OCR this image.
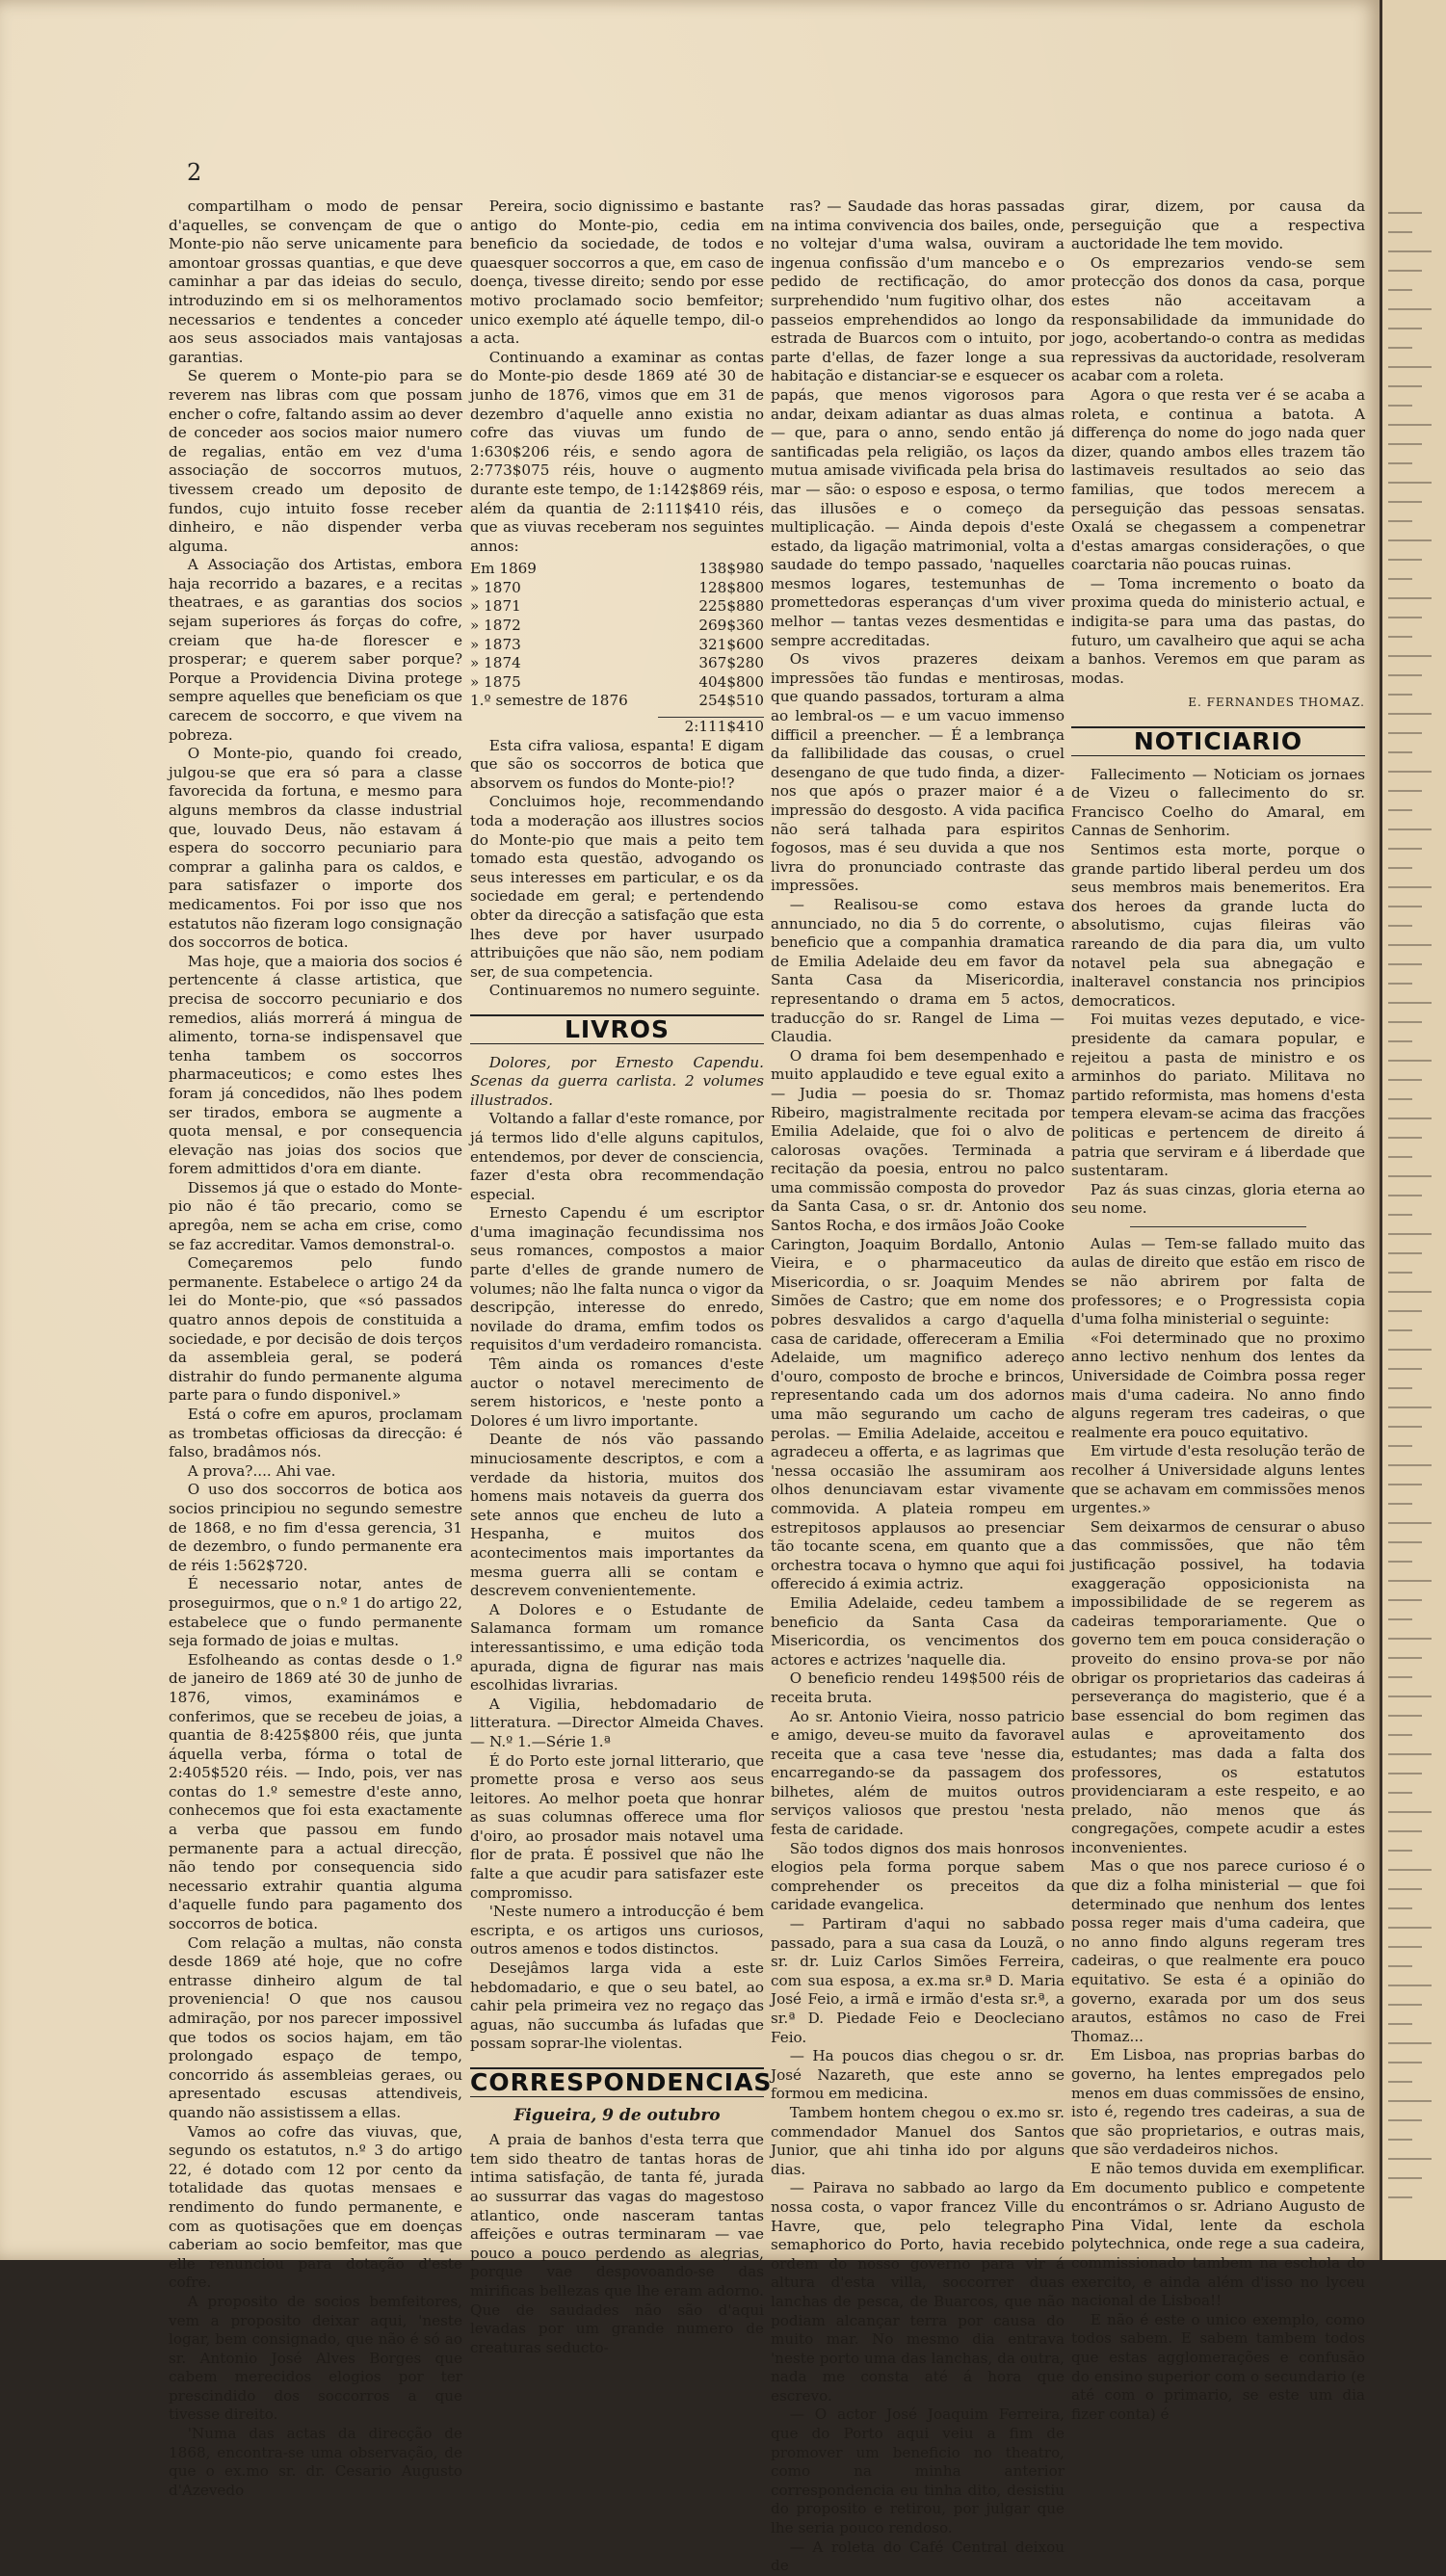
2

compartilham o modo de pensar d'aquelles, se convençam de que o Monte-pio não serve unicamente para amontoar grossas quantias, e que deve caminhar a par das ideias do seculo, introduzindo em si os melhoramentos necessarios e tendentes a conceder aos seus associados mais vantajosas garantias.

Se querem o Monte-pio para se reverem nas libras com que possam encher o cofre, faltando assim ao dever de conceder aos socios maior numero de regalias, então em vez d'uma associação de soccorros mutuos, tivessem creado um deposito de fundos, cujo intuito fosse receber dinheiro, e não dispender verba alguma.

A Associação dos Artistas, embora haja recorrido a bazares, e a recitas theatraes, e as garantias dos socios sejam superiores ás forças do cofre, creiam que ha-de florescer e prosperar; e querem saber porque? Porque a Providencia Divina protege sempre aquelles que beneficiam os que carecem de soccorro, e que vivem na pobreza.

O Monte-pio, quando foi creado, julgou-se que era só para a classe favorecida da fortuna, e mesmo para alguns membros da classe industrial que, louvado Deus, não estavam á espera do soccorro pecuniario para comprar a galinha para os caldos, e para satisfazer o importe dos medicamentos. Foi por isso que nos estatutos não fizeram logo consignação dos soccorros de botica.

Mas hoje, que a maioria dos socios é pertencente á classe artistica, que precisa de soccorro pecuniario e dos remedios, aliás morrerá á mingua de alimento, torna-se indispensavel que tenha tambem os soccorros pharmaceuticos; e como estes lhes foram já concedidos, não lhes podem ser tirados, embora se augmente a quota mensal, e por consequencia elevação nas joias dos socios que forem admittidos d'ora em diante.

Dissemos já que o estado do Monte-pio não é tão precario, como se apregôa, nem se acha em crise, como se faz accreditar. Vamos demonstral-o.

Começaremos pelo fundo permanente. Estabelece o artigo 24 da lei do Monte-pio, que «só passados quatro annos depois de constituida a sociedade, e por decisão de dois terços da assembleia geral, se poderá distrahir do fundo permanente alguma parte para o fundo disponivel.»

Está o cofre em apuros, proclamam as trombetas officiosas da direcção: é falso, bradâmos nós.

A prova?.... Ahi vae.

O uso dos soccorros de botica aos socios principiou no segundo semestre de 1868, e no fim d'essa gerencia, 31 de dezembro, o fundo permanente era de réis 1:562$720.

É necessario notar, antes de proseguirmos, que o n.º 1 do artigo 22, estabelece que o fundo permanente seja formado de joias e multas.

Esfolheando as contas desde o 1.º de janeiro de 1869 até 30 de junho de 1876, vimos, examinámos e conferimos, que se recebeu de joias, a quantia de 8:425$800 réis, que junta áquella verba, fórma o total de 2:405$520 réis. — Indo, pois, ver nas contas do 1.º semestre d'este anno, conhecemos que foi esta exactamente a verba que passou em fundo permanente para a actual direcção, não tendo por consequencia sido necessario extrahir quantia alguma d'aquelle fundo para pagamento dos soccorros de botica.

Com relação a multas, não consta desde 1869 até hoje, que no cofre entrasse dinheiro algum de tal proveniencia! O que nos causou admiração, por nos parecer impossivel que todos os socios hajam, em tão prolongado espaço de tempo, concorrido ás assembleias geraes, ou apresentado escusas attendiveis, quando não assistissem a ellas.

Vamos ao cofre das viuvas, que, segundo os estatutos, n.º 3 do artigo 22, é dotado com 12 por cento da totalidade das quotas mensaes e rendimento do fundo permanente, e com as quotisações que em doenças caberiam ao socio bemfeitor, mas que elle renunciou para dotação d'este cofre.

A proposito de socios bemfeitores, vem a proposito deixar aqui, 'neste logar, bem consignado, que não é só ao sr. Antonio José Alves Borges que cabem merecidos elogios por ter prescindido dos soccorros a que tivesse direito.

'Numa das actas da direcção de 1868, encontra-se uma observação, de que o ex.mo sr. dr. Cesario Augusto d'Azevedo

Pereira, socio dignissimo e bastante antigo do Monte-pio, cedia em beneficio da sociedade, de todos e quaesquer soccorros a que, em caso de doença, tivesse direito; sendo por esse motivo proclamado socio bemfeitor; unico exemplo até áquelle tempo, dil-o a acta.

Continuando a examinar as contas do Monte-pio desde 1869 até 30 de junho de 1876, vimos que em 31 de dezembro d'aquelle anno existia no cofre das viuvas um fundo de 1:630$206 réis, e sendo agora de 2:773$075 réis, houve o augmento durante este tempo, de 1:142$869 réis, além da quantia de 2:111$410 réis, que as viuvas receberam nos seguintes annos:

Em 1869	138$980
» 1870	128$800
» 1871	225$880
» 1872	269$360
» 1873	321$600
» 1874	367$280
» 1875	404$800
1.º semestre de 1876	254$510
2:111$410

Esta cifra valiosa, espanta! E digam que são os soccorros de botica que absorvem os fundos do Monte-pio!?

Concluimos hoje, recommendando toda a moderação aos illustres socios do Monte-pio que mais a peito tem tomado esta questão, advogando os seus interesses em particular, e os da sociedade em geral; e pertendendo obter da direcção a satisfação que esta lhes deve por haver usurpado attribuições que não são, nem podiam ser, de sua competencia.

Continuaremos no numero seguinte.

LIVROS

Dolores, por Ernesto Capendu. Scenas da guerra carlista. 2 volumes illustrados.

Voltando a fallar d'este romance, por já termos lido d'elle alguns capitulos, entendemos, por dever de consciencia, fazer d'esta obra recommendação especial.

Ernesto Capendu é um escriptor d'uma imaginação fecundissima nos seus romances, compostos a maior parte d'elles de grande numero de volumes; não lhe falta nunca o vigor da descripção, interesse do enredo, novilade do drama, emfim todos os requisitos d'um verdadeiro romancista.

Têm ainda os romances d'este auctor o notavel merecimento de serem historicos, e 'neste ponto a Dolores é um livro importante.

Deante de nós vão passando minuciosamente descriptos, e com a verdade da historia, muitos dos homens mais notaveis da guerra dos sete annos que encheu de luto a Hespanha, e muitos dos acontecimentos mais importantes da mesma guerra alli se contam e descrevem convenientemente.

A Dolores e o Estudante de Salamanca formam um romance interessantissimo, e uma edição toda apurada, digna de figurar nas mais escolhidas livrarias.

A Vigilia, hebdomadario de litteratura. —Director Almeida Chaves.— N.º 1.—Série 1.ª

É do Porto este jornal litterario, que promette prosa e verso aos seus leitores. Ao melhor poeta que honrar as suas columnas offerece uma flor d'oiro, ao prosador mais notavel uma flor de prata. É possivel que não lhe falte a que acudir para satisfazer este compromisso.

'Neste numero a introducção é bem escripta, e os artigos uns curiosos, outros amenos e todos distinctos.

Desejâmos larga vida a este hebdomadario, e que o seu batel, ao cahir pela primeira vez no regaço das aguas, não succumba ás lufadas que possam soprar-lhe violentas.

CORRESPONDENCIAS
Figueira, 9 de outubro

A praia de banhos d'esta terra que tem sido theatro de tantas horas de intima satisfação, de tanta fé, jurada ao sussurrar das vagas do magestoso atlantico, onde nasceram tantas affeições e outras terminaram — vae pouco a pouco perdendo as alegrias, porque vae despovoando-se das mirificas bellezas que lhe eram adorno. Que de saudades não são d'aqui levadas por um grande numero de creaturas seducto-

ras? — Saudade das horas passadas na intima convivencia dos bailes, onde, no voltejar d'uma walsa, ouviram a ingenua confissão d'um mancebo e o pedido de rectificação, do amor surprehendido 'num fugitivo olhar, dos passeios emprehendidos ao longo da estrada de Buarcos com o intuito, por parte d'ellas, de fazer longe a sua habitação e distanciar-se e esquecer os papás, que menos vigorosos para andar, deixam adiantar as duas almas — que, para o anno, sendo então já santificadas pela religião, os laços da mutua amisade vivificada pela brisa do mar — são: o esposo e esposa, o termo das illusões e o começo da multiplicação. — Ainda depois d'este estado, da ligação matrimonial, volta a saudade do tempo passado, 'naquelles mesmos logares, testemunhas de promettedoras esperanças d'um viver melhor — tantas vezes desmentidas e sempre accreditadas.

Os vivos prazeres deixam impressões tão fundas e mentirosas, que quando passados, torturam a alma ao lembral-os — e um vacuo immenso difficil a preencher. — É a lembrança da fallibilidade das cousas, o cruel desengano de que tudo finda, a dizer-nos que após o prazer maior é a impressão do desgosto. A vida pacifica não será talhada para espiritos fogosos, mas é seu duvida a que nos livra do pronunciado contraste das impressões.

— Realisou-se como estava annunciado, no dia 5 do corrente, o beneficio que a companhia dramatica de Emilia Adelaide deu em favor da Santa Casa da Misericordia, representando o drama em 5 actos, traducção do sr. Rangel de Lima — Claudia.

O drama foi bem desempenhado e muito applaudido e teve egual exito a — Judia — poesia do sr. Thomaz Ribeiro, magistralmente recitada por Emilia Adelaide, que foi o alvo de calorosas ovações. Terminada a recitação da poesia, entrou no palco uma commissão composta do provedor da Santa Casa, o sr. dr. Antonio dos Santos Rocha, e dos irmãos João Cooke Carington, Joaquim Bordallo, Antonio Vieira, e o pharmaceutico da Misericordia, o sr. Joaquim Mendes Simões de Castro; que em nome dos pobres desvalidos a cargo d'aquella casa de caridade, offereceram a Emilia Adelaide, um magnifico adereço d'ouro, composto de broche e brincos, representando cada um dos adornos uma mão segurando um cacho de perolas. — Emilia Adelaide, acceitou e agradeceu a offerta, e as lagrimas que 'nessa occasião lhe assumiram aos olhos denunciavam estar vivamente commovida. A plateia rompeu em estrepitosos applausos ao presenciar tão tocante scena, em quanto que a orchestra tocava o hymno que aqui foi offerecido á eximia actriz.

Emilia Adelaide, cedeu tambem a beneficio da Santa Casa da Misericordia, os vencimentos dos actores e actrizes 'naquelle dia.

O beneficio rendeu 149$500 réis de receita bruta.

Ao sr. Antonio Vieira, nosso patricio e amigo, deveu-se muito da favoravel receita que a casa teve 'nesse dia, encarregando-se da passagem dos bilhetes, além de muitos outros serviços valiosos que prestou 'nesta festa de caridade.

São todos dignos dos mais honrosos elogios pela forma porque sabem comprehender os preceitos da caridade evangelica.

— Partiram d'aqui no sabbado passado, para a sua casa da Louzã, o sr. dr. Luiz Carlos Simões Ferreira, com sua esposa, a ex.ma sr.ª D. Maria José Feio, a irmã e irmão d'esta sr.ª, a sr.ª D. Piedade Feio e Deocleciano Feio.

— Ha poucos dias chegou o sr. dr. José Nazareth, que este anno se formou em medicina.

Tambem hontem chegou o ex.mo sr. commendador Manuel dos Santos Junior, que ahi tinha ido por alguns dias.

— Pairava no sabbado ao largo da nossa costa, o vapor francez Ville du Havre, que, pelo telegrapho semaphorico do Porto, havia recebido ordem do nosso governo para vir á altura d'esta villa, soccorrer duas lanchas de pesca, de Buarcos, que não podiam alcançar terra por causa do muito mar. No mesmo dia entrava 'neste porto uma das lanchas, da outra, nada me consta até á hora que escrevo.

— O actor José Joaquim Ferreira, que do Porto aqui veiu a fim de promover um beneficio no theatro, como na minha anterior correspondencia eu tinha dito, desistiu do proposito e retirou, por julgar que lhe seria pouco rendoso.

— A roleta do Café Central deixou de

girar, dizem, por causa da perseguição que a respectiva auctoridade lhe tem movido.

Os emprezarios vendo-se sem protecção dos donos da casa, porque estes não acceitavam a responsabilidade da immunidade do jogo, acobertando-o contra as medidas repressivas da auctoridade, resolveram acabar com a roleta.

Agora o que resta ver é se acaba a roleta, e continua a batota. A differença do nome do jogo nada quer dizer, quando ambos elles trazem tão lastimaveis resultados ao seio das familias, que todos merecem a perseguição das pessoas sensatas. Oxalá se chegassem a compenetrar d'estas amargas considerações, o que coarctaria não poucas ruinas.

— Toma incremento o boato da proxima queda do ministerio actual, e indigita-se para uma das pastas, do futuro, um cavalheiro que aqui se acha a banhos. Veremos em que param as modas.

E. FERNANDES THOMAZ.
NOTICIARIO

Fallecimento — Noticiam os jornaes de Vizeu o fallecimento do sr. Francisco Coelho do Amaral, em Cannas de Senhorim.

Sentimos esta morte, porque o grande partido liberal perdeu um dos seus membros mais benemeritos. Era dos heroes da grande lucta do absolutismo, cujas fileiras vão rareando de dia para dia, um vulto notavel pela sua abnegação e inalteravel constancia nos principios democraticos.

Foi muitas vezes deputado, e vice-presidente da camara popular, e rejeitou a pasta de ministro e os arminhos do pariato. Militava no partido reformista, mas homens d'esta tempera elevam-se acima das fracções politicas e pertencem de direito á patria que serviram e á liberdade que sustentaram.

Paz ás suas cinzas, gloria eterna ao seu nome.

Aulas — Tem-se fallado muito das aulas de direito que estão em risco de se não abrirem por falta de professores; e o Progressista copia d'uma folha ministerial o seguinte:

«Foi determinado que no proximo anno lectivo nenhum dos lentes da Universidade de Coimbra possa reger mais d'uma cadeira. No anno findo alguns regeram tres cadeiras, o que realmente era pouco equitativo.

Em virtude d'esta resolução terão de recolher á Universidade alguns lentes que se achavam em commissões menos urgentes.»

Sem deixarmos de censurar o abuso das commissões, que não têm justificação possivel, ha todavia exaggeração opposicionista na impossibilidade de se regerem as cadeiras temporariamente. Que o governo tem em pouca consideração o proveito do ensino prova-se por não obrigar os proprietarios das cadeiras á perseverança do magisterio, que é a base essencial do bom regimen das aulas e aproveitamento dos estudantes; mas dada a falta dos professores, os estatutos providenciaram a este respeito, e ao prelado, não menos que ás congregações, compete acudir a estes inconvenientes.

Mas o que nos parece curioso é o que diz a folha ministerial — que foi determinado que nenhum dos lentes possa reger mais d'uma cadeira, que no anno findo alguns regeram tres cadeiras, o que realmente era pouco equitativo. Se esta é a opinião do governo, exarada por um dos seus arautos, estâmos no caso de Frei Thomaz...

Em Lisboa, nas proprias barbas do governo, ha lentes empregados pelo menos em duas commissões de ensino, isto é, regendo tres cadeiras, a sua de que são proprietarios, e outras mais, que são verdadeiros nichos.

E não temos duvida em exemplificar. Em documento publico e competente encontrámos o sr. Adriano Augusto de Pina Vidal, lente da eschola polytechnica, onde rege a sua cadeira, commissionado tambem na eschola do exercito, e ainda além d'isso no lyceu nacional de Lisboa!!

E não é este o unico exemplo, como todos sabem. E sabem tambem todos que estas agglomerações e confusão do ensino superior com o secundario (e até com o primario, se este um dia fizer conta) é
